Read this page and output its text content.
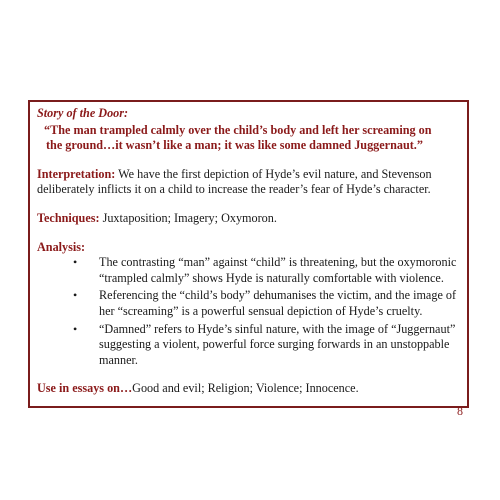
Story of the Door:
“The man trampled calmly over the child’s body and left her screaming on
the ground…it wasn’t like a man; it was like some damned Juggernaut.”
Interpretation: We have the first depiction of Hyde’s evil nature, and Stevenson deliberately inflicts it on a child to increase the reader’s fear of Hyde’s character.
Techniques: Juxtaposition; Imagery; Oxymoron.
Analysis:
• The contrasting “man” against “child” is threatening, but the oxymoronic “trampled calmly” shows Hyde is naturally comfortable with violence.
• Referencing the “child’s body” dehumanises the victim, and the image of her “screaming” is a powerful sensual depiction of Hyde’s cruelty.
• “Damned” refers to Hyde’s sinful nature, with the image of “Juggernaut” suggesting a violent, powerful force surging forwards in an unstoppable manner.
Use in essays on…Good and evil; Religion; Violence; Innocence.
8
